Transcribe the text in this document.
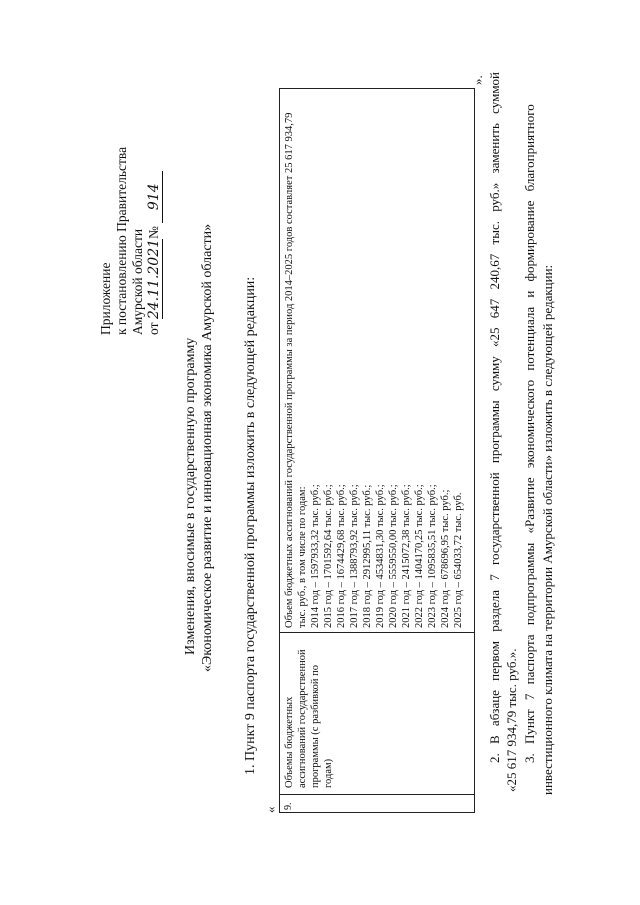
Приложение к постановлению Правительства Амурской области от 24.11.2021№ 914
Изменения, вносимые в государственную программу «Экономическое развитие и инновационная экономика Амурской области» 1. Пункт 9 паспорта государственной программы изложить в следующей редакции:
« 9.
Объемы бюджетных ассигнований государственной программы (с разбивкой по годам)
Объем бюджетных ассигнований государственной программы за период 2014–2025 годов составляет 25 617 934,79 тыс. руб., в том числе по годам: 2014 год – 1597933,32 тыс. руб.; 2015 год – 1701592,64 тыс. руб.; 2016 год – 1674429,68 тыс. руб.; 2017 год – 1388793,92 тыс. руб.; 2018 год – 2912995,11 тыс. руб.; 2019 год – 4534831,30 тыс. руб.; 2020 год – 5559550,00 тыс. руб.; 2021 год – 2415072,38 тыс. руб.; 2022 год – 1404170,25 тыс. руб.; 2023 год – 1095835,51 тыс. руб.; 2024 год – 678696,95 тыс. руб.; 2025 год – 654033,72 тыс. руб.
». 2. В абзаце первом раздела 7 государственной программы сумму «25 647 240,67 тыс. руб.» заменить суммой «25 617 934,79 тыс. руб.». 3. Пункт 7 паспорта подпрограммы «Развитие экономического потенциала и формирование благоприятного инвестиционного климата на территории Амурской области» изложить в следующей редакции:
